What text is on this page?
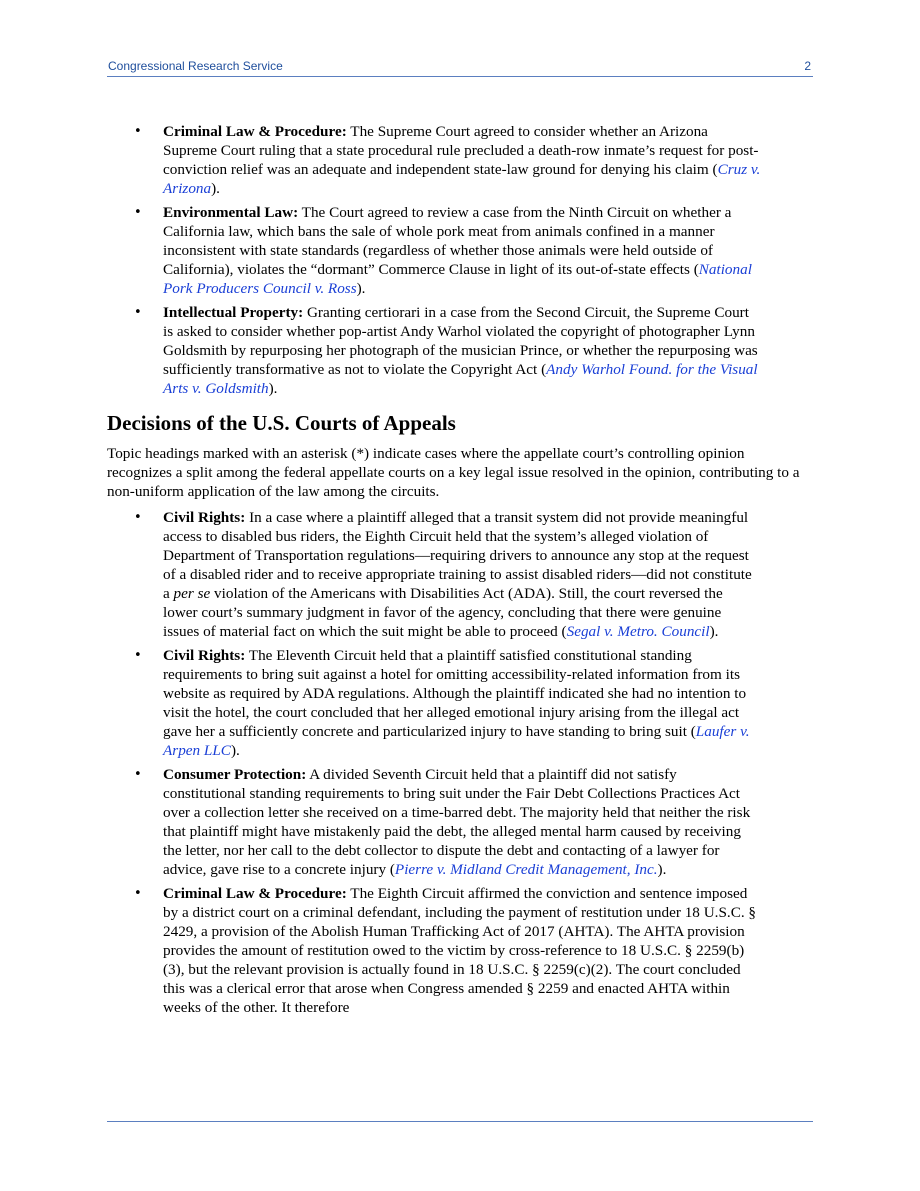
Congressional Research Service	2
• Criminal Law & Procedure: The Supreme Court agreed to consider whether an Arizona Supreme Court ruling that a state procedural rule precluded a death-row inmate’s request for post-conviction relief was an adequate and independent state-law ground for denying his claim (Cruz v. Arizona).
• Environmental Law: The Court agreed to review a case from the Ninth Circuit on whether a California law, which bans the sale of whole pork meat from animals confined in a manner inconsistent with state standards (regardless of whether those animals were held outside of California), violates the “dormant” Commerce Clause in light of its out-of-state effects (National Pork Producers Council v. Ross).
• Intellectual Property: Granting certiorari in a case from the Second Circuit, the Supreme Court is asked to consider whether pop-artist Andy Warhol violated the copyright of photographer Lynn Goldsmith by repurposing her photograph of the musician Prince, or whether the repurposing was sufficiently transformative as not to violate the Copyright Act (Andy Warhol Found. for the Visual Arts v. Goldsmith).
Decisions of the U.S. Courts of Appeals

Topic headings marked with an asterisk (*) indicate cases where the appellate court’s controlling opinion recognizes a split among the federal appellate courts on a key legal issue resolved in the opinion, contributing to a non-uniform application of the law among the circuits.

• Civil Rights: In a case where a plaintiff alleged that a transit system did not provide meaningful access to disabled bus riders, the Eighth Circuit held that the system’s alleged violation of Department of Transportation regulations—requiring drivers to announce any stop at the request of a disabled rider and to receive appropriate training to assist disabled riders—did not constitute a per se violation of the Americans with Disabilities Act (ADA). Still, the court reversed the lower court’s summary judgment in favor of the agency, concluding that there were genuine issues of material fact on which the suit might be able to proceed (Segal v. Metro. Council).
• Civil Rights: The Eleventh Circuit held that a plaintiff satisfied constitutional standing requirements to bring suit against a hotel for omitting accessibility-related information from its website as required by ADA regulations. Although the plaintiff indicated she had no intention to visit the hotel, the court concluded that her alleged emotional injury arising from the illegal act gave her a sufficiently concrete and particularized injury to have standing to bring suit (Laufer v. Arpen LLC).
• Consumer Protection: A divided Seventh Circuit held that a plaintiff did not satisfy constitutional standing requirements to bring suit under the Fair Debt Collections Practices Act over a collection letter she received on a time-barred debt. The majority held that neither the risk that plaintiff might have mistakenly paid the debt, the alleged mental harm caused by receiving the letter, nor her call to the debt collector to dispute the debt and contacting of a lawyer for advice, gave rise to a concrete injury (Pierre v. Midland Credit Management, Inc.).
• Criminal Law & Procedure: The Eighth Circuit affirmed the conviction and sentence imposed by a district court on a criminal defendant, including the payment of restitution under 18 U.S.C. § 2429, a provision of the Abolish Human Trafficking Act of 2017 (AHTA). The AHTA provision provides the amount of restitution owed to the victim by cross-reference to 18 U.S.C. § 2259(b)(3), but the relevant provision is actually found in 18 U.S.C. § 2259(c)(2). The court concluded this was a clerical error that arose when Congress amended § 2259 and enacted AHTA within weeks of the other. It therefore
